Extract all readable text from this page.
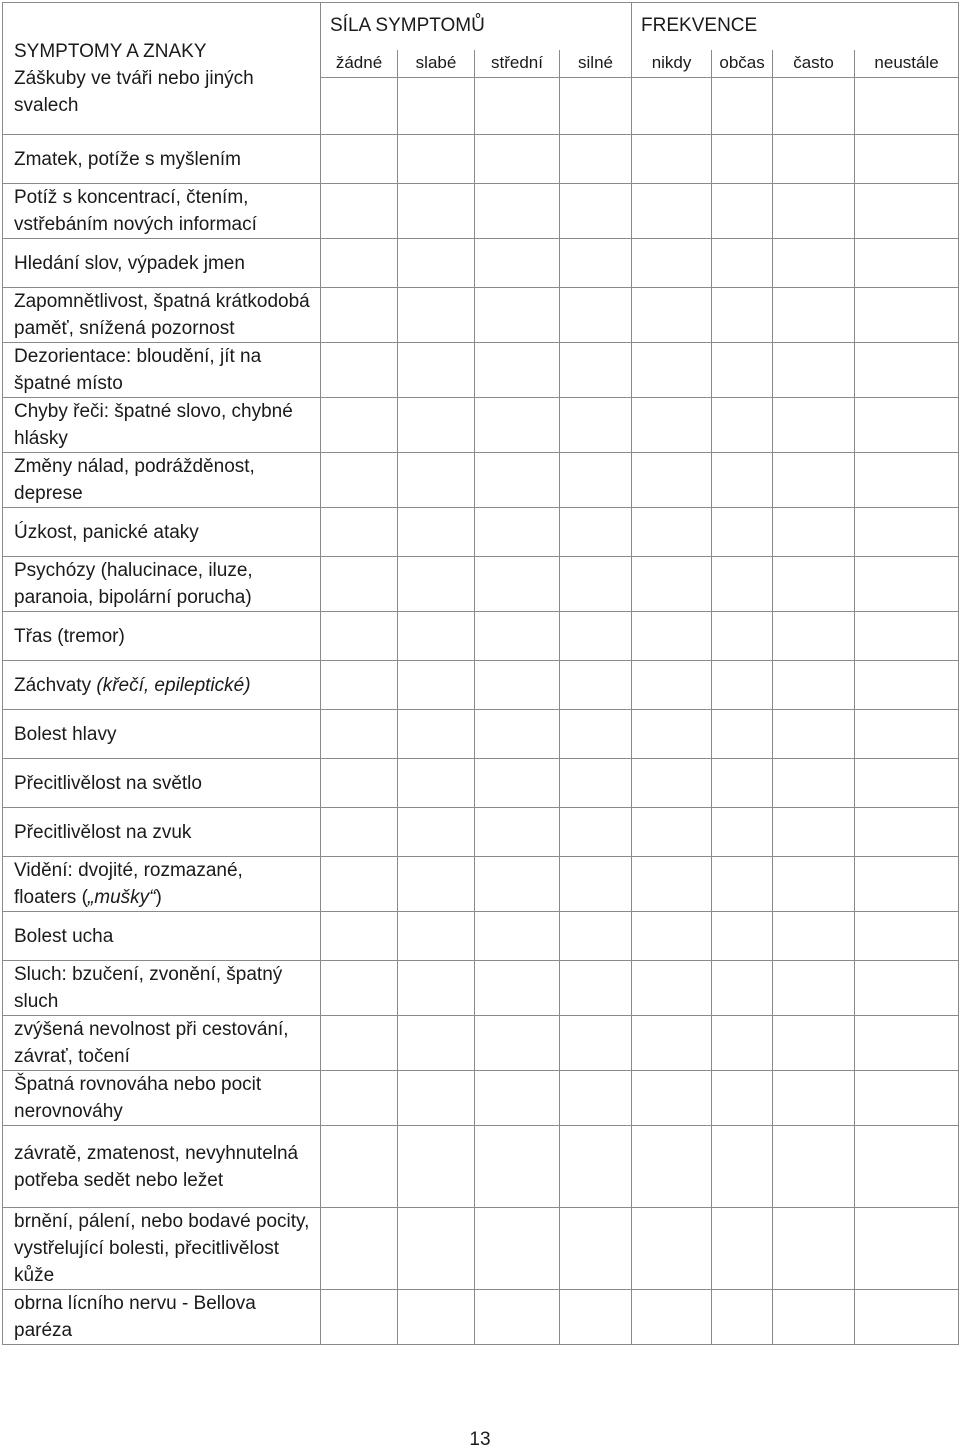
SYMPTOMY A ZNAKY
Záškuby ve tváři nebo jiných svalech	SÍLA SYMPTOMŮ				FREKVENCE			
	žádné	slabé	střední	silné	nikdy	občas	často	neustále

Zmatek, potíže s myšlením								
Potíž s koncentrací, čtením, vstřebáním nových informací								
Hledání slov, výpadek jmen								
Zapomnětlivost, špatná krátkodobá paměť, snížená pozornost								
Dezorientace: bloudění, jít na špatné místo								
Chyby řeči: špatné slovo, chybné hlásky								
Změny nálad, podrážděnost, deprese								
Úzkost, panické ataky								
Psychózy (halucinace, iluze, paranoia, bipolární porucha)								
Třas (tremor)								
Záchvaty (křečí, epileptické)								
Bolest hlavy								
Přecitlivělost na světlo								
Přecitlivělost na zvuk								
Vidění: dvojité, rozmazané, floaters („mušky“)								
Bolest ucha								
Sluch: bzučení, zvonění, špatný sluch								
zvýšená nevolnost při cestování, závrať, točení								
Špatná rovnováha nebo pocit nerovnováhy								
závratě, zmatenost, nevyhnutelná potřeba sedět nebo ležet								
brnění, pálení, nebo bodavé pocity, vystřelující bolesti, přecitlivělost kůže								
obrna lícního nervu - Bellova paréza								
13
